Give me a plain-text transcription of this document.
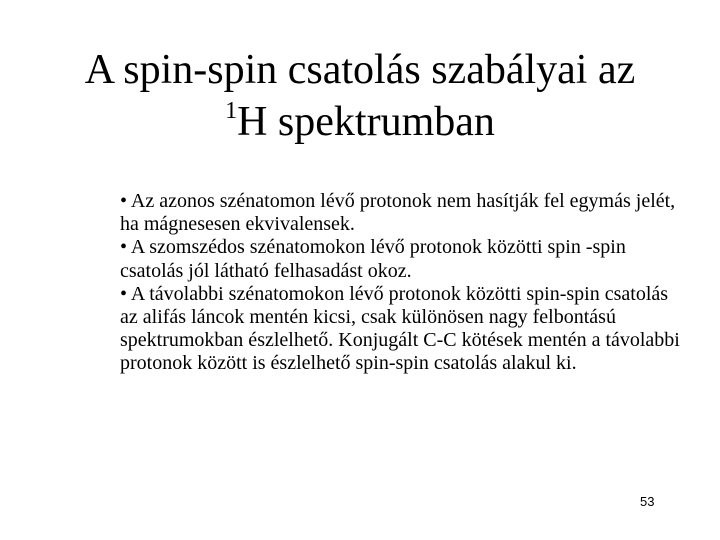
A spin-spin csatolás szabályai az
$^1$H spektrumban

• Az azonos szénatomon lévő protonok nem hasítják fel egymás jelét, ha mágnesesen ekvivalensek.

• A szomszédos szénatomokon lévő protonok közötti spin -spin csatolás jól látható felhasadást okoz.

• A távolabbi szénatomokon lévő protonok közötti spin-spin csatolás az alifás láncok mentén kicsi, csak különösen nagy felbontású spektrumokban észlelhető. Konjugált C-C kötések mentén a távolabbi protonok között is észlelhető spin-spin csatolás alakul ki.

53
